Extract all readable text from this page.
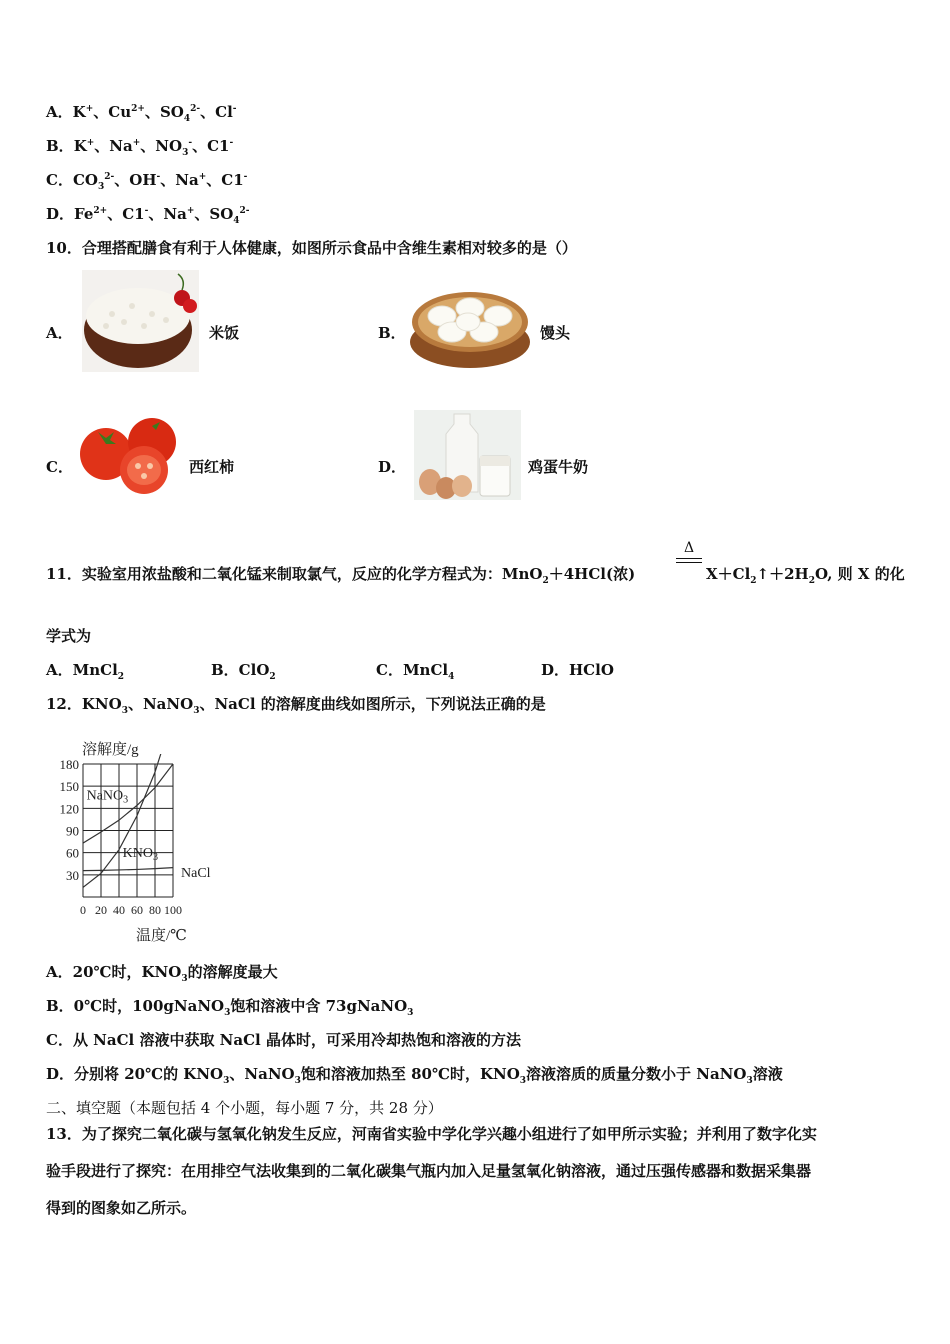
A．K+、$Cu^{2+}$、$SO_4^{2-}$、Cl-
B．K+、Na+、$NO_3^-$、C1-
C．$CO_3^{2-}$、OH-、Na+、C1-
D．$Fe^{2+}$、C1-、Na+、$SO_4^{2-}$
10．合理搭配膳食有利于人体健康，如图所示食品中含维生素相对较多的是（）
A．	米饭	B．	馒头
C．	西红柿	D．	鸡蛋牛奶
11．实验室用浓盐酸和二氧化锰来制取氯气，反应的化学方程式为：MnO$_2$＋4HCl(浓)
Δ
$X+Cl_2↑+2H_2O$, 则 X 的化
学式为
A．MnCl$_2$	B．ClO$_2$	C．MnCl$_4$	D．HClO
12．$KNO_3$、NaNO$_3$、NaCl 的溶解度曲线如图所示，下列说法正确的是
180
150
120
90
60
30
0 20 40 60 80 100
溶解度/g
温度/℃
NaNO$_3$
$KNO_3$
NaCl
A．20℃时，$KNO_3$的溶解度最大
B．0℃时，100gNaNO$_3$饱和溶液中含 73gNaNO$_3$
C．从 NaCl 溶液中获取 NaCl 晶体时，可采用冷却热饱和溶液的方法
D．分别将 20℃的 $KNO_3$、NaNO$_3$饱和溶液加热至 80℃时，$KNO_3$溶液溶质的质量分数小于 NaNO$_3$溶液
二、填空题（本题包括 4 个小题，每小题 7 分，共 28 分）
13．为了探究二氧化碳与氢氧化钠发生反应，河南省实验中学化学兴趣小组进行了如甲所示实验；并利用了数字化实
验手段进行了探究：在用排空气法收集到的二氧化碳集气瓶内加入足量氢氧化钠溶液，通过压强传感器和数据采集器
得到的图象如乙所示。
